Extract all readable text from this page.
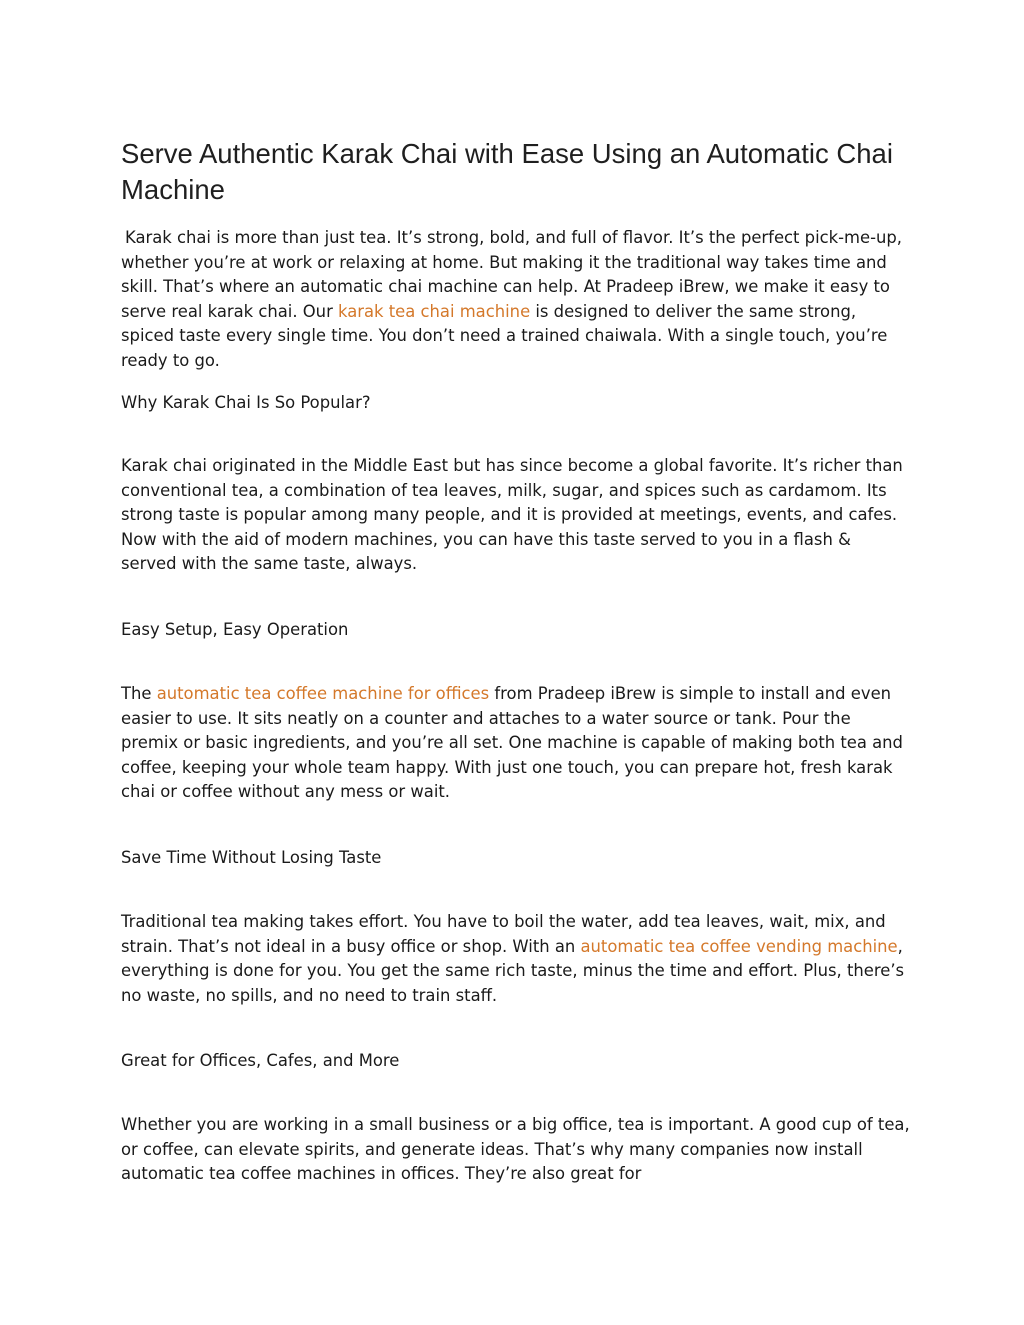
Serve Authentic Karak Chai with Ease Using an Automatic Chai Machine

Karak chai is more than just tea. It’s strong, bold, and full of flavor. It’s the perfect pick-me-up, whether you’re at work or relaxing at home. But making it the traditional way takes time and skill. That’s where an automatic chai machine can help. At Pradeep iBrew, we make it easy to serve real karak chai. Our karak tea chai machine is designed to deliver the same strong, spiced taste every single time. You don’t need a trained chaiwala. With a single touch, you’re ready to go.

Why Karak Chai Is So Popular?

Karak chai originated in the Middle East but has since become a global favorite. It’s richer than conventional tea, a combination of tea leaves, milk, sugar, and spices such as cardamom. Its strong taste is popular among many people, and it is provided at meetings, events, and cafes. Now with the aid of modern machines, you can have this taste served to you in a flash & served with the same taste, always.

Easy Setup, Easy Operation

The automatic tea coffee machine for offices from Pradeep iBrew is simple to install and even easier to use. It sits neatly on a counter and attaches to a water source or tank. Pour the premix or basic ingredients, and you’re all set. One machine is capable of making both tea and coffee, keeping your whole team happy. With just one touch, you can prepare hot, fresh karak chai or coffee without any mess or wait.

Save Time Without Losing Taste

Traditional tea making takes effort. You have to boil the water, add tea leaves, wait, mix, and strain. That’s not ideal in a busy office or shop. With an automatic tea coffee vending machine, everything is done for you. You get the same rich taste, minus the time and effort. Plus, there’s no waste, no spills, and no need to train staff.

Great for Offices, Cafes, and More

Whether you are working in a small business or a big office, tea is important. A good cup of tea, or coffee, can elevate spirits, and generate ideas. That’s why many companies now install automatic tea coffee machines in offices. They’re also great for
